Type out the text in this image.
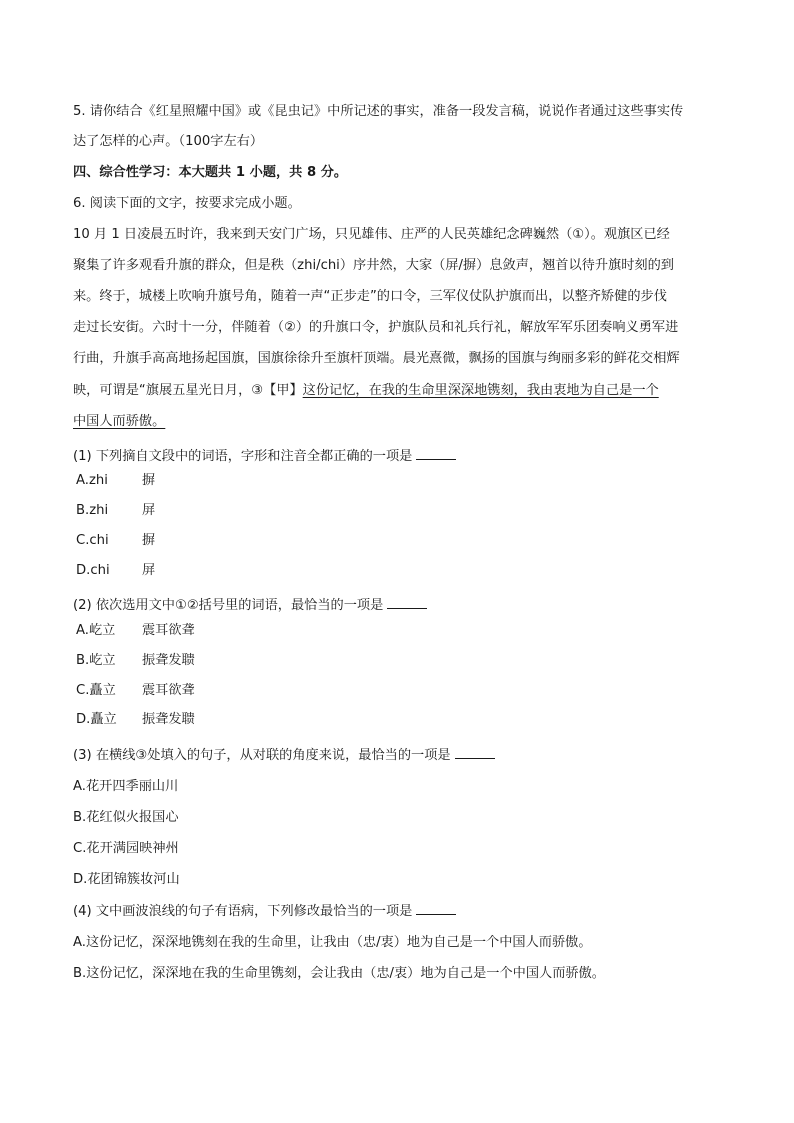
5. 请你结合《红星照耀中国》或《昆虫记》中所记述的事实，准备一段发言稿，说说作者通过这些事实传
达了怎样的心声。（100字左右）
四、综合性学习：本大题共 1 小题，共 8 分。
6. 阅读下面的文字，按要求完成小题。
10 月 1 日凌晨五时许，我来到天安门广场，只见雄伟、庄严的人民英雄纪念碑巍然（①）。观旗区已经
聚集了许多观看升旗的群众，但是秩（zhi/chi）序井然，大家（屏/摒）息敛声，翘首以待升旗时刻的到
来。终于，城楼上吹响升旗号角，随着一声“正步走”的口令，三军仪仗队护旗而出，以整齐矫健的步伐
走过长安街。六时十一分，伴随着（②）的升旗口令，护旗队员和礼兵行礼，解放军军乐团奏响义勇军进
行曲，升旗手高高地扬起国旗，国旗徐徐升至旗杆顶端。晨光熹微，飘扬的国旗与绚丽多彩的鲜花交相辉
映，可谓是“旗展五星光日月，③【甲】这份记忆，在我的生命里深深地镌刻，我由衷地为自己是一个
中国人而骄傲。
(1) 下列摘自文段中的词语，字形和注音全都正确的一项是
A.zhi	摒
B.zhi	屏
C.chi	摒
D.chi 屏
(2) 依次选用文中①②括号里的词语，最恰当的一项是
A.屹立 震耳欲聋
B.屹立 振聋发聩
C.矗立 震耳欲聋
D.矗立 振聋发聩
(3) 在横线③处填入的句子，从对联的角度来说，最恰当的一项是
A.花开四季丽山川
B.花红似火报国心
C.花开满园映神州
D.花团锦簇妆河山
(4) 文中画波浪线的句子有语病，下列修改最恰当的一项是
A.这份记忆，深深地镌刻在我的生命里，让我由（忠/衷）地为自己是一个中国人而骄傲。
B.这份记忆，深深地在我的生命里镌刻，会让我由（忠/衷）地为自己是一个中国人而骄傲。
